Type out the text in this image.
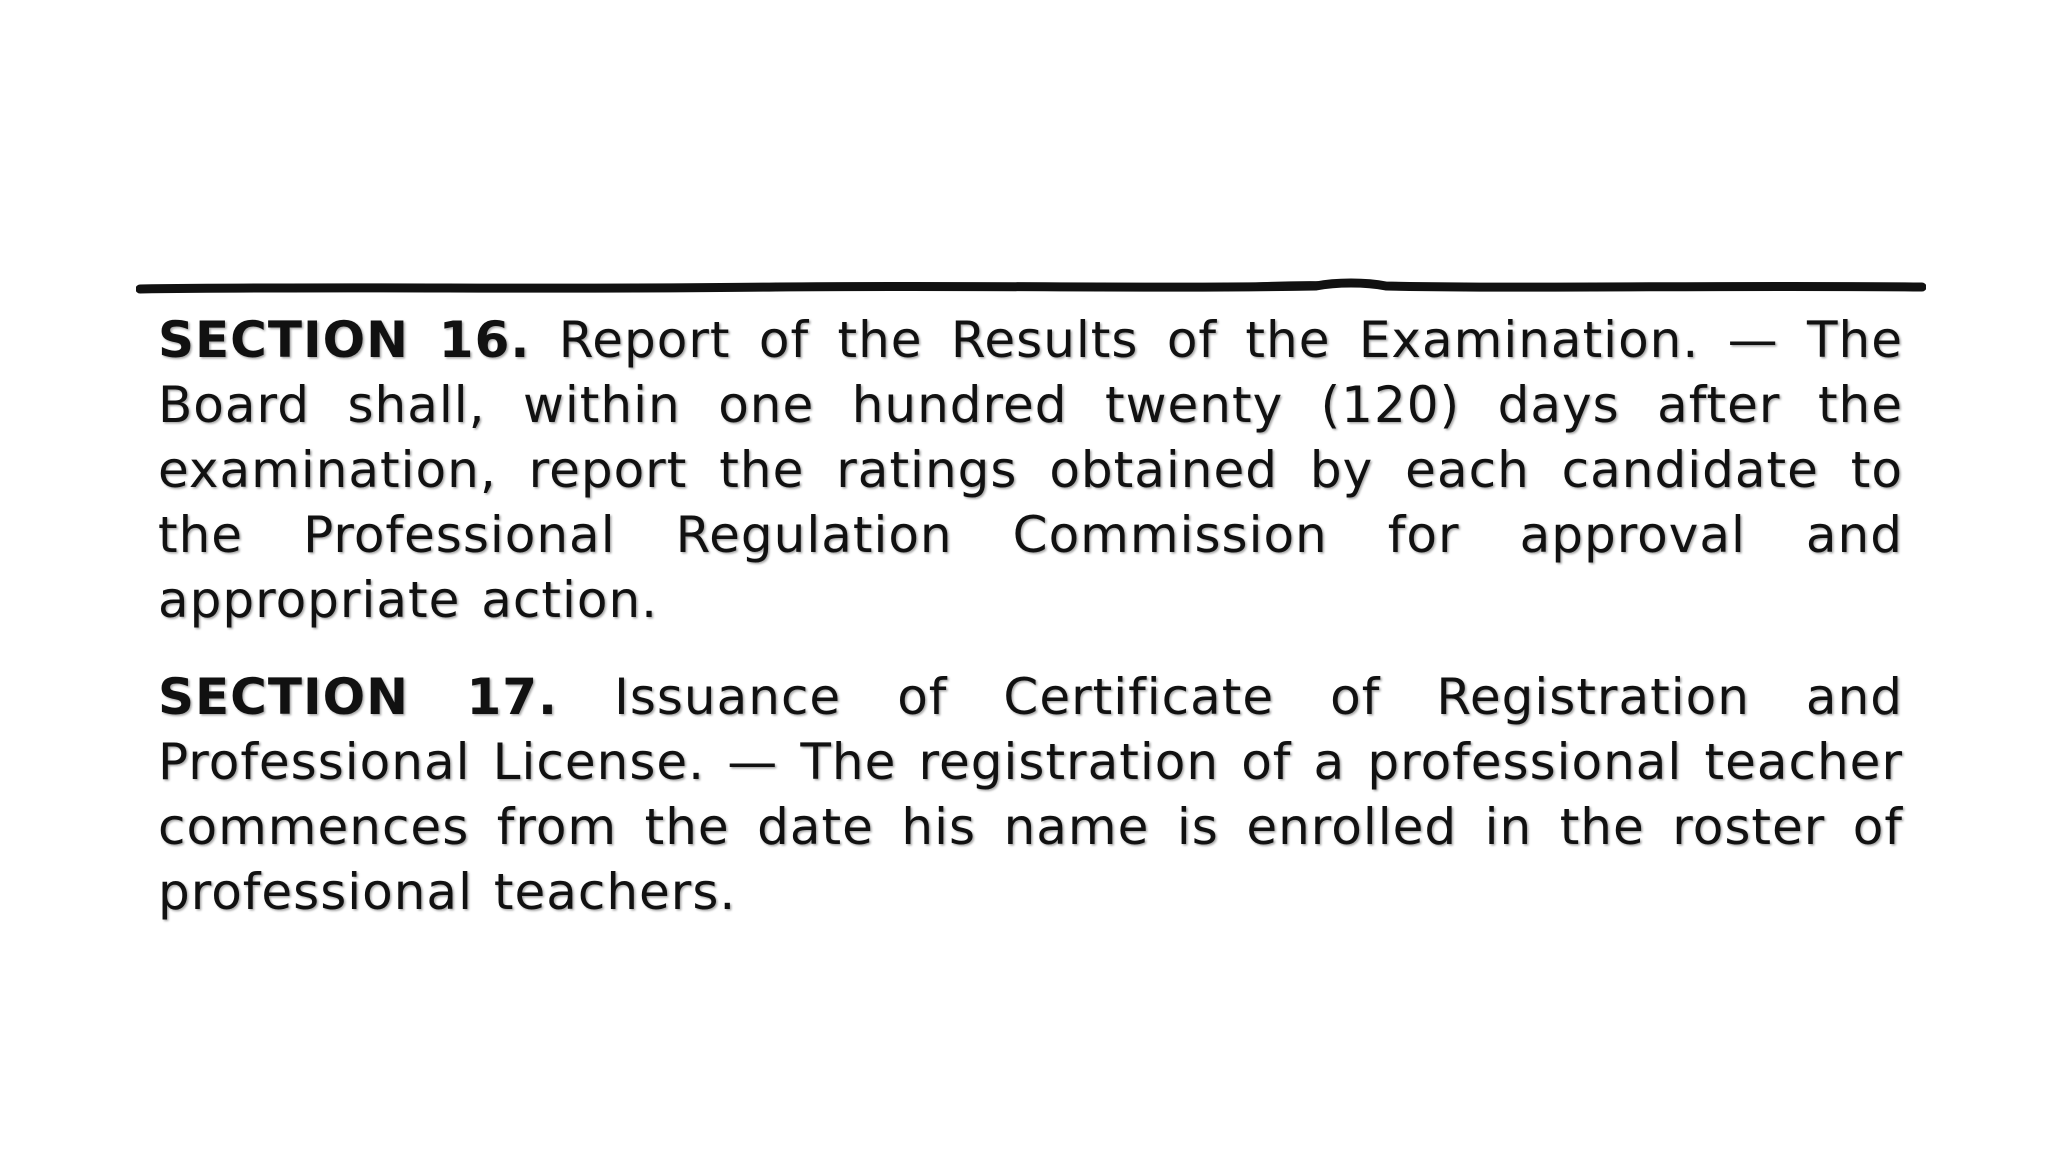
SECTION 16. Report of the Results of the Examination. — The Board shall, within one hundred twenty (120) days after the examination, report the ratings obtained by each candidate to the Professional Regulation Commission for approval and appropriate action.

SECTION 17. Issuance of Certificate of Registration and Professional License. — The registration of a professional teacher commences from the date his name is enrolled in the roster of professional teachers.
